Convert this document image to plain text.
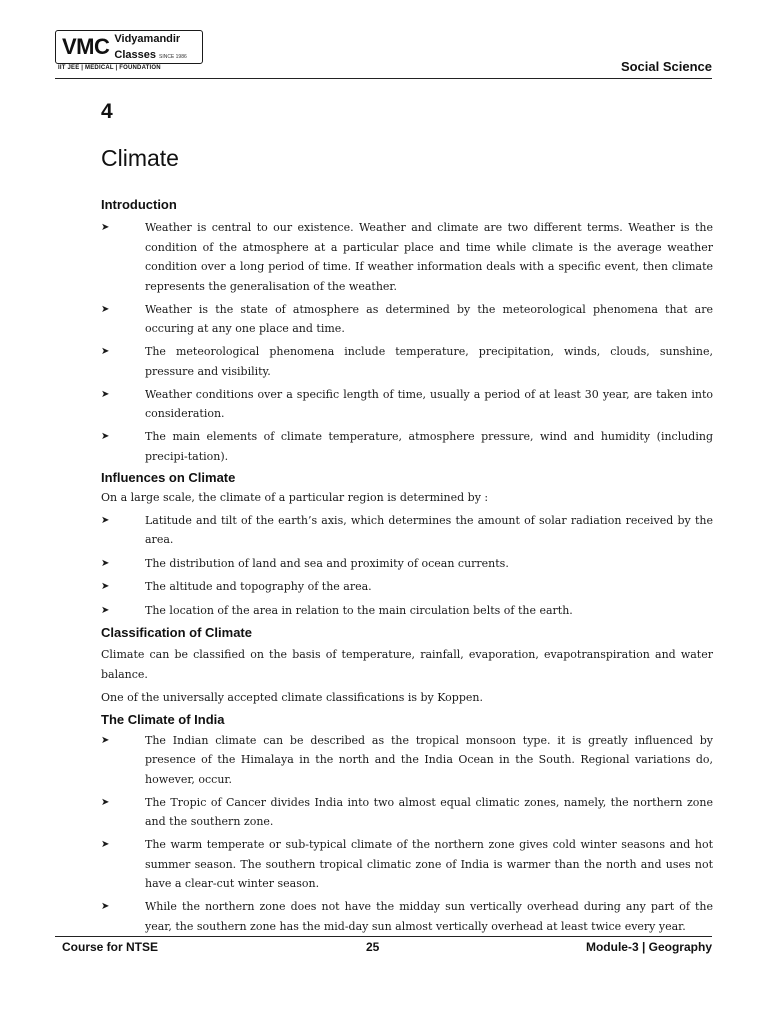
VMC Vidyamandir
Classes SINCE 1986
IIT JEE | MEDICAL | FOUNDATION	Social Science
4
Climate
Introduction
➤	Weather is central to our existence. Weather and climate are two different terms. Weather is the condition of the atmosphere at a particular place and time while climate is the average weather condition over a long period of time. If weather information deals with a specific event, then climate represents the generalisation of the weather.
➤	Weather is the state of atmosphere as determined by the meteorological phenomena that are occuring at any one place and time.
➤	The meteorological phenomena include temperature, precipitation, winds, clouds, sunshine, pressure and visibility.
➤	Weather conditions over a specific length of time, usually a period of at least 30 year, are taken into consideration.
➤	The main elements of climate temperature, atmosphere pressure, wind and humidity (including precipi-tation).
Influences on Climate
On a large scale, the climate of a particular region is determined by :
➤	Latitude and tilt of the earth’s axis, which determines the amount of solar radiation received by the area.
➤	The distribution of land and sea and proximity of ocean currents.
➤	The altitude and topography of the area.
➤	The location of the area in relation to the main circulation belts of the earth.
Classification of Climate
Climate can be classified on the basis of temperature, rainfall, evaporation, evapotranspiration and water balance.
One of the universally accepted climate classifications is by Koppen.
The Climate of India
➤	The Indian climate can be described as the tropical monsoon type. it is greatly influenced by presence of the Himalaya in the north and the India Ocean in the South. Regional variations do, however, occur.
➤	The Tropic of Cancer divides India into two almost equal climatic zones, namely, the northern zone and the southern zone.
➤	The warm temperate or sub-typical climate of the northern zone gives cold winter seasons and hot summer season. The southern tropical climatic zone of India is warmer than the north and uses not have a clear-cut winter season.
➤	While the northern zone does not have the midday sun vertically overhead during any part of the year, the southern zone has the mid-day sun almost vertically overhead at least twice every year.
Course for NTSE	25	Module-3 | Geography
